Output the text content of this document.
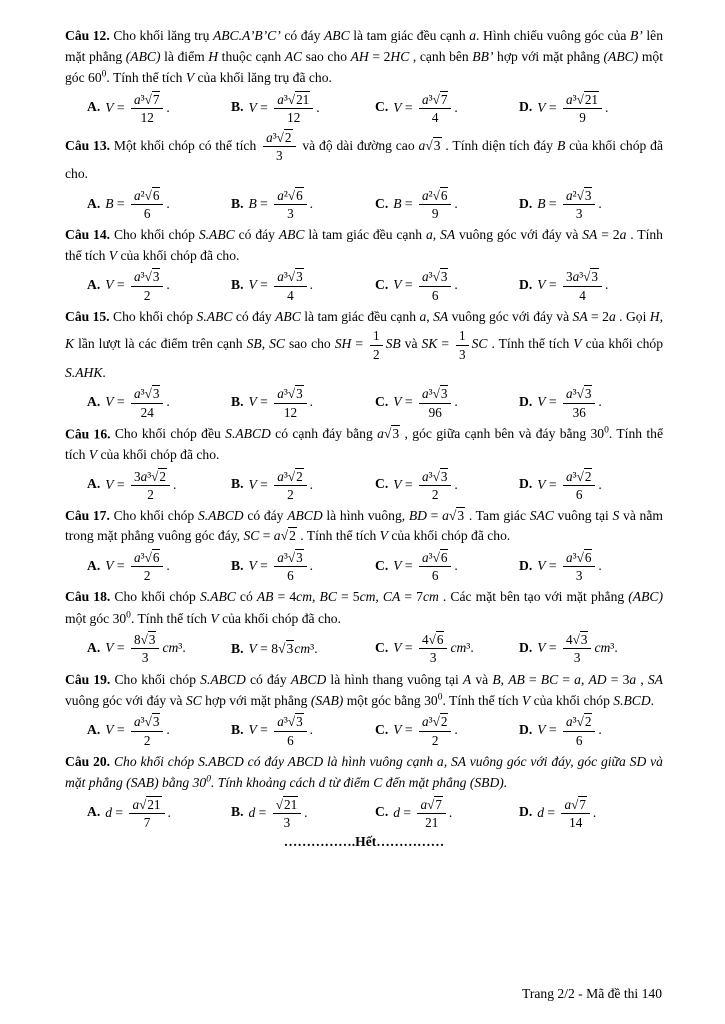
Câu 12. Cho khối lăng trụ ABC.A’B’C’ có đáy ABC là tam giác đều cạnh a. Hình chiếu vuông góc của B’ lên mặt phẳng (ABC) là điểm H thuộc cạnh AC sao cho AH = 2HC , cạnh bên BB’ hợp với mặt phẳng (ABC) một góc $60^0$. Tính thể tích V của khối lăng trụ đã cho.

A. $V = \frac{\text{a³√7}}{12}$ .	B. $V = \frac{\text{a³√21}}{12}$ .	C. $V = \frac{\text{a³√7}}{4}$ .	D. $V = \frac{\text{a³√21}}{9}$ .

Câu 13. Một khối chóp có thể tích $\frac{\text{a³√2}}{3}$ và độ dài đường cao a√3 . Tính diện tích đáy B của khối chóp đã cho.

A. $B = \frac{\text{a²√6}}{6}$ .	B. $B = \frac{\text{a²√6}}{3}$ .	C. $B = \frac{\text{a²√6}}{9}$ .	D. $B = \frac{\text{a²√3}}{3}$ .

Câu 14. Cho khối chóp S.ABC có đáy ABC là tam giác đều cạnh a, SA vuông góc với đáy và SA = 2a . Tính thể tích V của khối chóp đã cho.

A. $V = \frac{\text{a³√3}}{2}$ .	B. $V = \frac{\text{a³√3}}{4}$ .	C. $V = \frac{\text{a³√3}}{6}$ .	D. $V = \frac{\text{3a³√3}}{4}$ .

Câu 15. Cho khối chóp S.ABC có đáy ABC là tam giác đều cạnh a, SA vuông góc với đáy và SA = 2a . Gọi H, K lần lượt là các điểm trên cạnh SB, SC sao cho SH = $\frac{1}{2}$ SB và SK = $\frac{1}{3}$ SC . Tính thể tích V của khối chóp S.AHK.

A. $V = \frac{\text{a³√3}}{24}$ .	B. $V = \frac{\text{a³√3}}{12}$ .	C. $V = \frac{\text{a³√3}}{96}$ .	D. $V = \frac{\text{a³√3}}{36}$ .

Câu 16. Cho khối chóp đều S.ABCD có cạnh đáy bằng a√3 , góc giữa cạnh bên và đáy bằng $30^0$. Tính thể tích V của khối chóp đã cho.

A. $V = \frac{\text{3a³√2}}{2}$ .	B. $V = \frac{\text{a³√2}}{2}$ .	C. $V = \frac{\text{a³√3}}{2}$ .	D. $V = \frac{\text{a³√2}}{6}$ .

Câu 17. Cho khối chóp S.ABCD có đáy ABCD là hình vuông, BD = a√3 . Tam giác SAC vuông tại S và nằm trong mặt phẳng vuông góc đáy, SC = a√2 . Tính thể tích V của khối chóp đã cho.

A. $V = \frac{\text{a³√6}}{2}$ .	B. $V = \frac{\text{a³√3}}{6}$ .	C. $V = \frac{\text{a³√6}}{6}$ .	D. $V = \frac{\text{a³√6}}{3}$ .

Câu 18. Cho khối chóp S.ABC có AB = 4cm, BC = 5cm, CA = 7cm . Các mặt bên tạo với mặt phẳng (ABC) một góc $30^0$. Tính thể tích V của khối chóp đã cho.

A. $V = \frac{8√3}{3} cm^3$.	B. V = 8√3cm³.	C. $V = \frac{4√6}{3} cm^3$.	D. $V = \frac{4√3}{3} cm^3$.

Câu 19. Cho khối chóp S.ABCD có đáy ABCD là hình thang vuông tại A và B, AB = BC = a, AD = 3a , SA vuông góc với đáy và SC hợp với mặt phẳng (SAB) một góc bằng $30^0$. Tính thể tích V của khối chóp S.BCD.

A. $V = \frac{\text{a³√3}}{2}$ .	B. $V = \frac{\text{a³√3}}{6}$ .	C. $V = \frac{\text{a³√2}}{2}$ .	D. $V = \frac{\text{a³√2}}{6}$ .

Câu 20. Cho khối chóp S.ABCD có đáy ABCD là hình vuông cạnh a, SA vuông góc với đáy, góc giữa SD và mặt phẳng (SAB) bằng $30^0$. Tính khoảng cách d từ điểm C đến mặt phẳng (SBD).

A. $d = \frac{a√21}{7}$ .	B. $d = \frac{√21}{3}$ .	C. $d = \frac{a√7}{21}$ .	D. $d = \frac{a√7}{14}$ .
…………….Hết……………
Trang 2/2 - Mã đề thi 140
